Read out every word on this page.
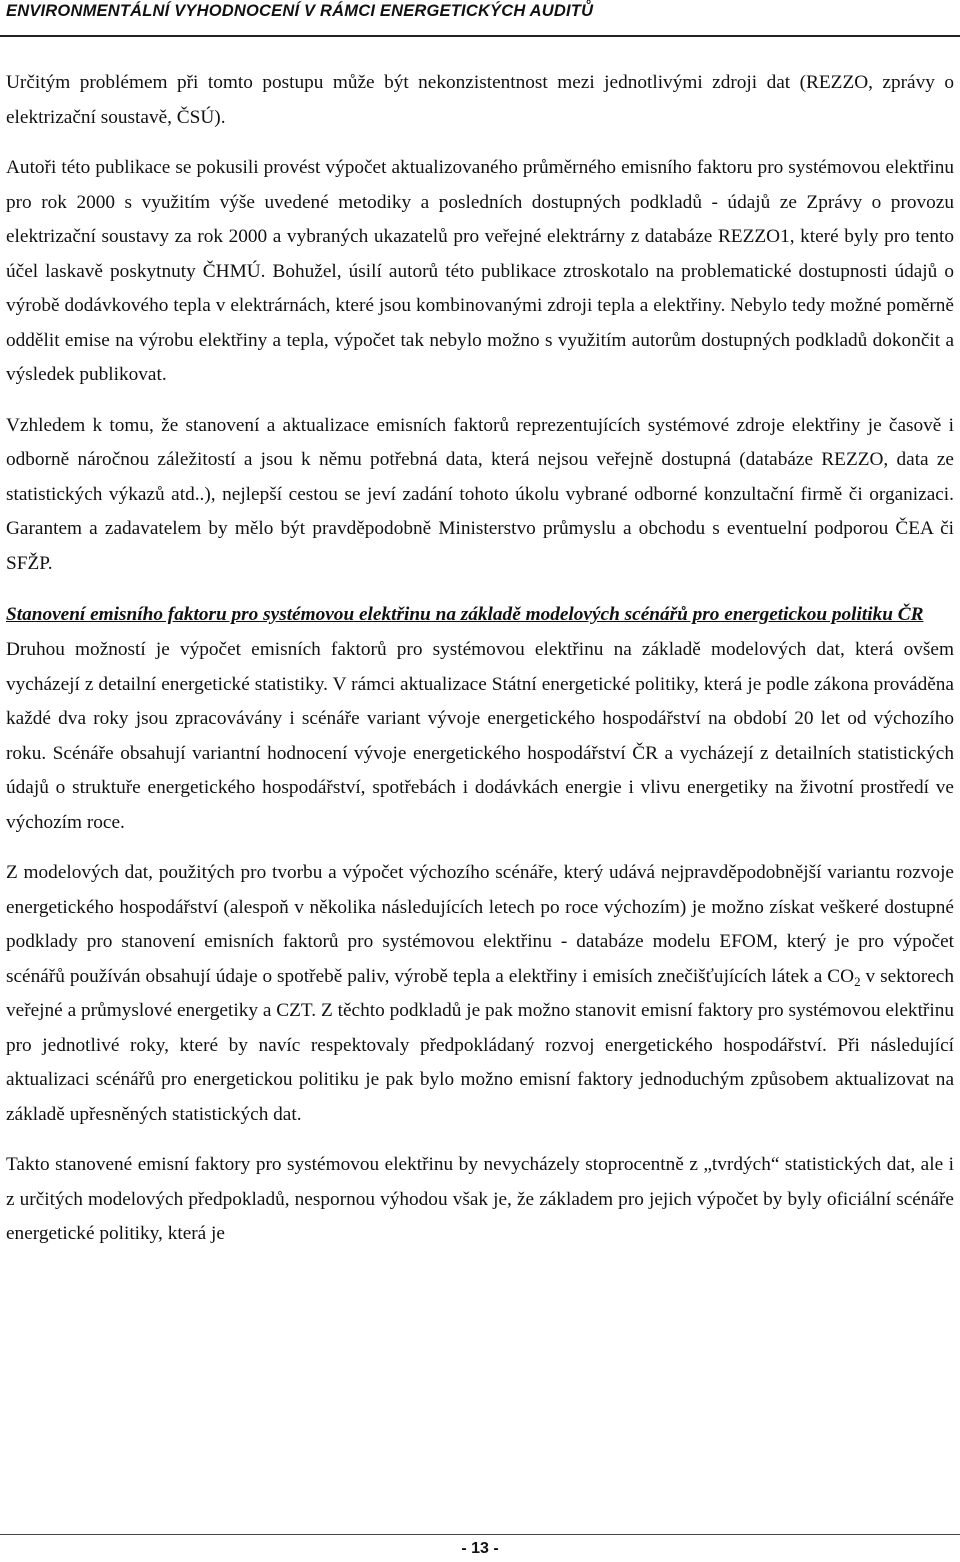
ENVIRONMENTÁLNÍ VYHODNOCENÍ V RÁMCI ENERGETICKÝCH AUDITŮ

Určitým problémem při tomto postupu může být nekonzistentnost mezi jednotlivými zdroji dat (REZZO, zprávy o elektrizační soustavě, ČSÚ).

Autoři této publikace se pokusili provést výpočet aktualizovaného průměrného emisního faktoru pro systémovou elektřinu pro rok 2000 s využitím výše uvedené metodiky a posledních dostupných podkladů - údajů ze Zprávy o provozu elektrizační soustavy za rok 2000 a vybraných ukazatelů pro veřejné elektrárny z databáze REZZO1, které byly pro tento účel laskavě poskytnuty ČHMÚ. Bohužel, úsilí autorů této publikace ztroskotalo na problematické dostupnosti údajů o výrobě dodávkového tepla v elektrárnách, které jsou kombinovanými zdroji tepla a elektřiny. Nebylo tedy možné poměrně oddělit emise na výrobu elektřiny a tepla, výpočet tak nebylo možno s využitím autorům dostupných podkladů dokončit a výsledek publikovat.

Vzhledem k tomu, že stanovení a aktualizace emisních faktorů reprezentujících systémové zdroje elektřiny je časově i odborně náročnou záležitostí a jsou k němu potřebná data, která nejsou veřejně dostupná (databáze REZZO, data ze statistických výkazů atd..), nejlepší cestou se jeví zadání tohoto úkolu vybrané odborné konzultační firmě či organizaci. Garantem a zadavatelem by mělo být pravděpodobně Ministerstvo průmyslu a obchodu s eventuelní podporou ČEA či SFŽP.

Stanovení emisního faktoru pro systémovou elektřinu na základě modelových scénářů pro energetickou politiku ČR

Druhou možností je výpočet emisních faktorů pro systémovou elektřinu na základě modelových dat, která ovšem vycházejí z detailní energetické statistiky. V rámci aktualizace Státní energetické politiky, která je podle zákona prováděna každé dva roky jsou zpracovávány i scénáře variant vývoje energetického hospodářství na období 20 let od výchozího roku. Scénáře obsahují variantní hodnocení vývoje energetického hospodářství ČR a vycházejí z detailních statistických údajů o struktuře energetického hospodářství, spotřebách i dodávkách energie i vlivu energetiky na životní prostředí ve výchozím roce.

Z modelových dat, použitých pro tvorbu a výpočet výchozího scénáře, který udává nejpravděpodobnější variantu rozvoje energetického hospodářství (alespoň v několika následujících letech po roce výchozím) je možno získat veškeré dostupné podklady pro stanovení emisních faktorů pro systémovou elektřinu - databáze modelu EFOM, který je pro výpočet scénářů používán obsahují údaje o spotřebě paliv, výrobě tepla a elektřiny i emisích znečišťujících látek a $CO_2$ v sektorech veřejné a průmyslové energetiky a CZT. Z těchto podkladů je pak možno stanovit emisní faktory pro systémovou elektřinu pro jednotlivé roky, které by navíc respektovaly předpokládaný rozvoj energetického hospodářství. Při následující aktualizaci scénářů pro energetickou politiku je pak bylo možno emisní faktory jednoduchým způsobem aktualizovat na základě upřesněných statistických dat.

Takto stanovené emisní faktory pro systémovou elektřinu by nevycházely stoprocentně z „tvrdých“ statistických dat, ale i z určitých modelových předpokladů, nespornou výhodou však je, že základem pro jejich výpočet by byly oficiální scénáře energetické politiky, která je

- 13 -
